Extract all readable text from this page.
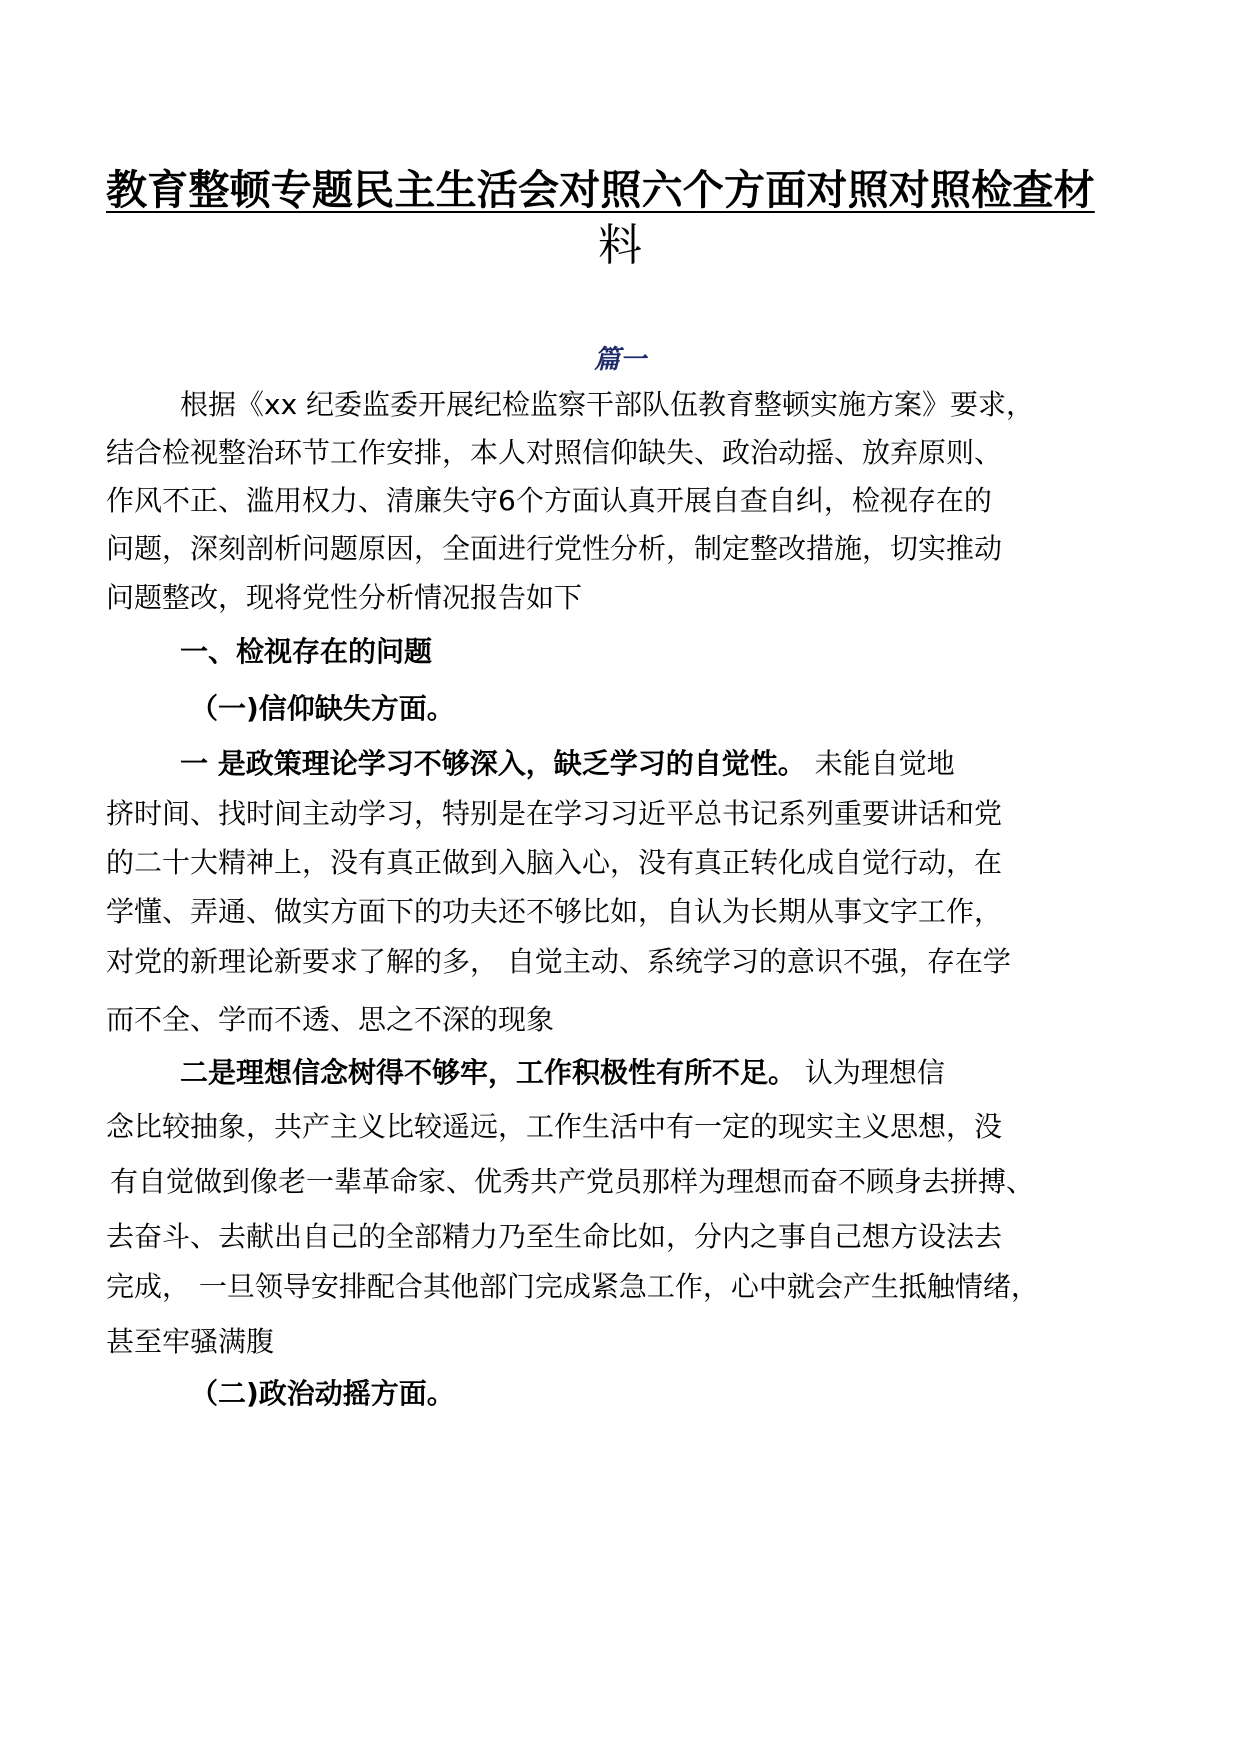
教育整顿专题民主生活会对照六个方面对照对照检查材
料
篇一
根据《xx 纪委监委开展纪检监察干部队伍教育整顿实施方案》要求，
结合检视整治环节工作安排，本人对照信仰缺失、政治动摇、放弃原则、
作风不正、滥用权力、清廉失守6个方面认真开展自查自纠，检视存在的
问题，深刻剖析问题原因，全面进行党性分析，制定整改措施，切实推动
问题整改，现将党性分析情况报告如下
一、检视存在的问题
（一)信仰缺失方面。
一 是政策理论学习不够深入，缺乏学习的自觉性。 未能自觉地
挤时间、找时间主动学习，特别是在学习习近平总书记系列重要讲话和党
的二十大精神上，没有真正做到入脑入心，没有真正转化成自觉行动，在
学懂、弄通、做实方面下的功夫还不够比如，自认为长期从事文字工作，
对党的新理论新要求了解的多， 自觉主动、系统学习的意识不强，存在学
而不全、学而不透、思之不深的现象
二是理想信念树得不够牢，工作积极性有所不足。 认为理想信
念比较抽象，共产主义比较遥远，工作生活中有一定的现实主义思想，没
有自觉做到像老一辈革命家、优秀共产党员那样为理想而奋不顾身去拼搏、
去奋斗、去献出自己的全部精力乃至生命比如，分内之事自己想方设法去
完成， 一旦领导安排配合其他部门完成紧急工作，心中就会产生抵触情绪，
甚至牢骚满腹
（二)政治动摇方面。
